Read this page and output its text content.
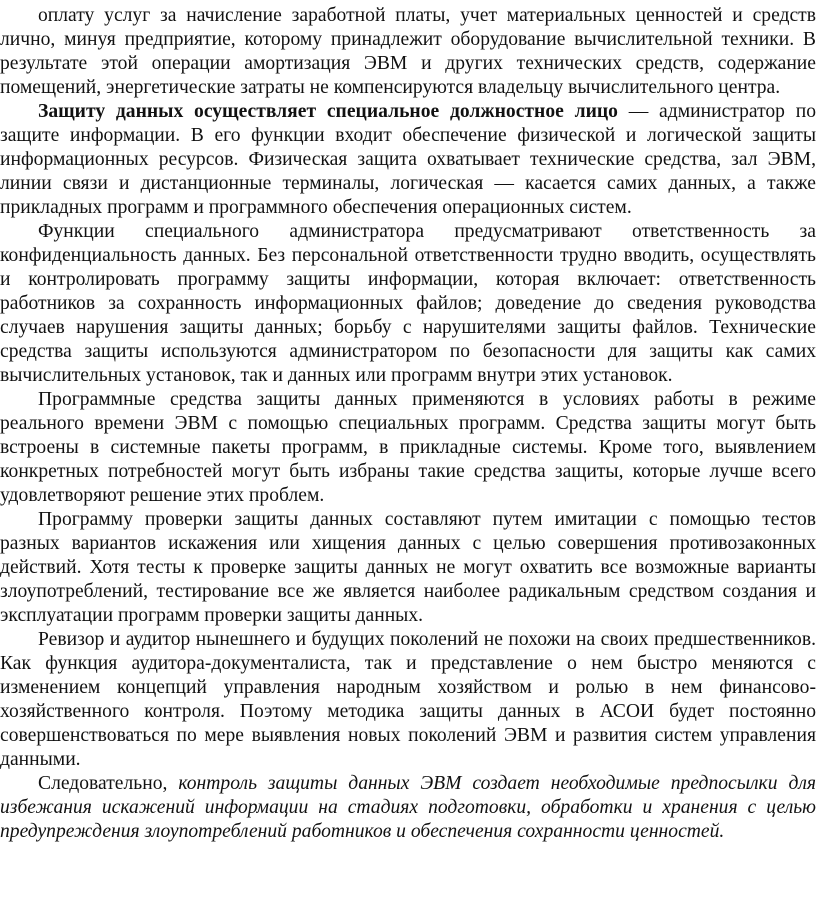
оплату услуг за начисление заработной платы, учет материальных ценностей и средств лично, минуя предприятие, которому принадлежит оборудование вычислительной техники. В результате этой операции амортизация ЭВМ и других технических средств, содержание помещений, энергетические затраты не компенсируются владельцу вычислительного центра.

Защиту данных осуществляет специальное должностное лицо — администратор по защите информации. В его функции входит обеспечение физической и логической защиты информационных ресурсов. Физическая защита охватывает технические средства, зал ЭВМ, линии связи и дистанционные терминалы, логическая — касается самих данных, а также прикладных программ и программного обеспечения операционных систем.

Функции специального администратора предусматривают ответственность за конфиденциальность данных. Без персональной ответственности трудно вводить, осуществлять и контролировать программу защиты информации, которая включает: ответственность работников за сохранность информационных файлов; доведение до сведения руководства случаев нарушения защиты данных; борьбу с нарушителями защиты файлов. Технические средства защиты используются администратором по безопасности для защиты как самих вычислительных установок, так и данных или программ внутри этих установок.

Программные средства защиты данных применяются в условиях работы в режиме реального времени ЭВМ с помощью специальных программ. Средства защиты могут быть встроены в системные пакеты программ, в прикладные системы. Кроме того, выявлением конкретных потребностей могут быть избраны такие средства защиты, которые лучше всего удовлетворяют решение этих проблем.

Программу проверки защиты данных составляют путем имитации с помощью тестов разных вариантов искажения или хищения данных с целью совершения противозаконных действий. Хотя тесты к проверке защиты данных не могут охватить все возможные варианты злоупотреблений, тестирование все же является наиболее радикальным средством создания и эксплуатации программ проверки защиты данных.

Ревизор и аудитор нынешнего и будущих поколений не похожи на своих предшественников. Как функция аудитора-документалиста, так и представление о нем быстро меняются с изменением концепций управления народным хозяйством и ролью в нем финансово-хозяйственного контроля. Поэтому методика защиты данных в АСОИ будет постоянно совершенствоваться по мере выявления новых поколений ЭВМ и развития систем управления данными.

Следовательно, контроль защиты данных ЭВМ создает необходимые предпосылки для избежания искажений информации на стадиях подготовки, обработки и хранения с целью предупреждения злоупотреблений работников и обеспечения сохранности ценностей.
